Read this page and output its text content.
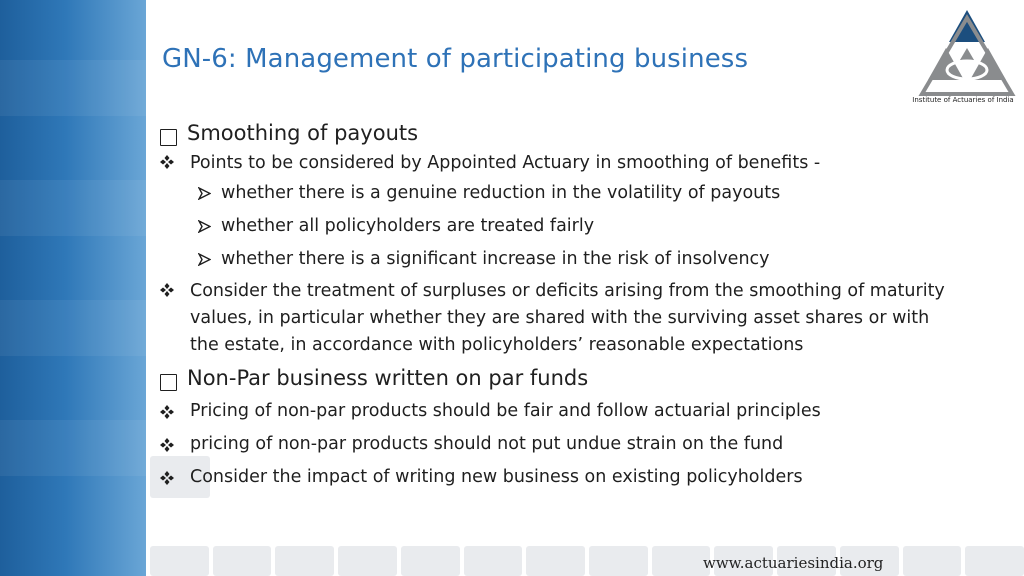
GN-6: Management of participating business
Institute of Actuaries of India
Smoothing of payouts
Points to be considered by Appointed Actuary in smoothing of benefits -
whether there is a genuine reduction in the volatility of payouts
whether all policyholders are treated fairly
whether there is a significant increase in the risk of insolvency
Consider the treatment of surpluses or deficits arising from the smoothing of maturity values, in particular whether they are shared with the surviving asset shares or with the estate, in accordance with policyholders’ reasonable expectations
Non-Par business written on par funds
Pricing of non-par products should be fair and follow actuarial principles
pricing of non-par products should not put undue strain on the fund
Consider the impact of writing new business on existing policyholders
www.actuariesindia.org
